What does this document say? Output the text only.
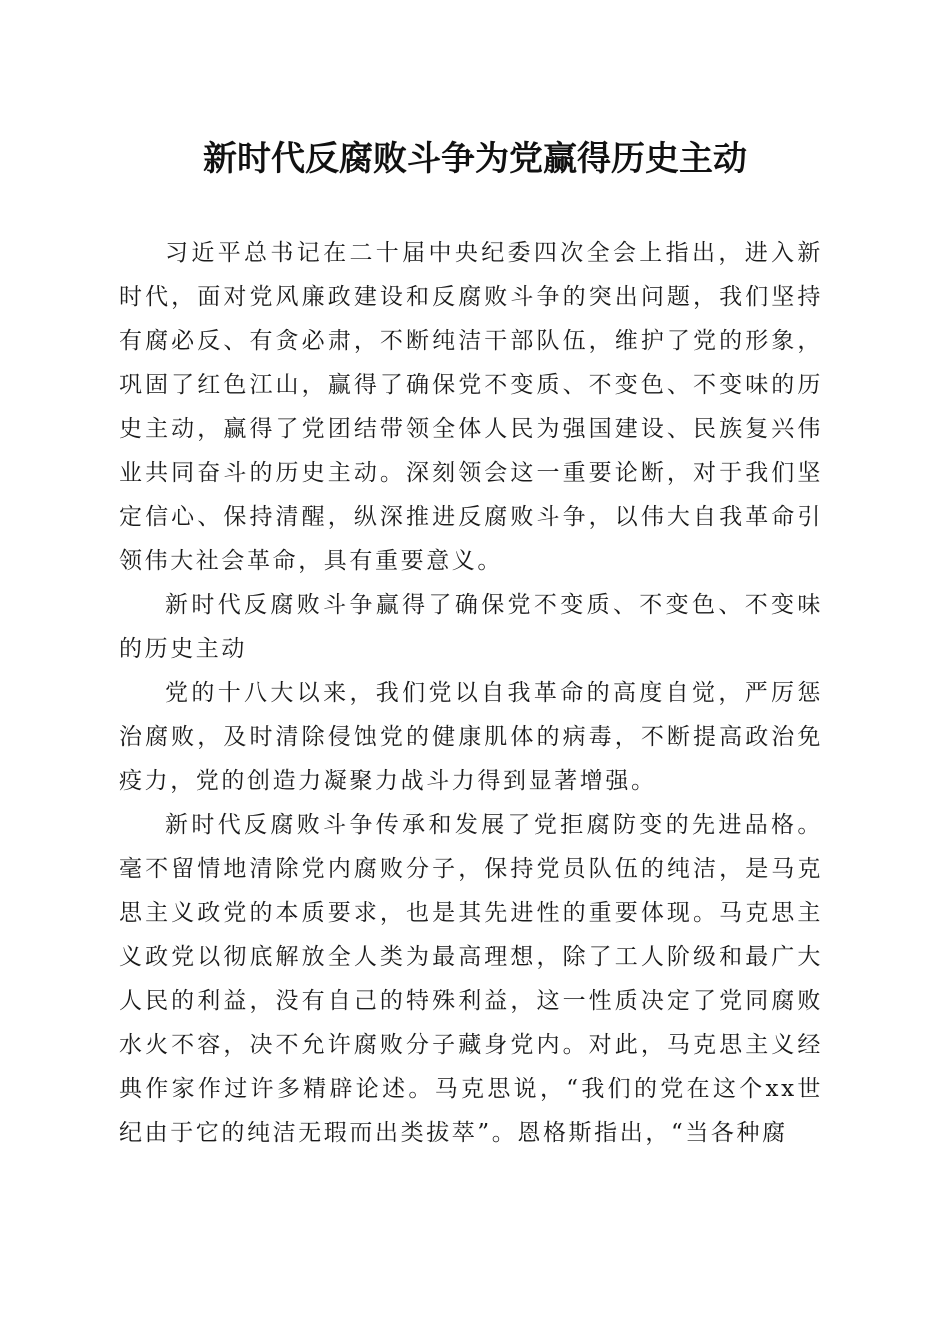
新时代反腐败斗争为党赢得历史主动

习近平总书记在二十届中央纪委四次全会上指出，进入新时代，面对党风廉政建设和反腐败斗争的突出问题，我们坚持有腐必反、有贪必肃，不断纯洁干部队伍，维护了党的形象，巩固了红色江山，赢得了确保党不变质、不变色、不变味的历史主动，赢得了党团结带领全体人民为强国建设、民族复兴伟业共同奋斗的历史主动。深刻领会这一重要论断，对于我们坚定信心、保持清醒，纵深推进反腐败斗争，以伟大自我革命引领伟大社会革命，具有重要意义。

新时代反腐败斗争赢得了确保党不变质、不变色、不变味的历史主动

党的十八大以来，我们党以自我革命的高度自觉，严厉惩治腐败，及时清除侵蚀党的健康肌体的病毒，不断提高政治免疫力，党的创造力凝聚力战斗力得到显著增强。

新时代反腐败斗争传承和发展了党拒腐防变的先进品格。毫不留情地清除党内腐败分子，保持党员队伍的纯洁，是马克思主义政党的本质要求，也是其先进性的重要体现。马克思主义政党以彻底解放全人类为最高理想，除了工人阶级和最广大人民的利益，没有自己的特殊利益，这一性质决定了党同腐败水火不容，决不允许腐败分子藏身党内。对此，马克思主义经典作家作过许多精辟论述。马克思说，“我们的党在这个xx世纪由于它的纯洁无瑕而出类拔萃”。恩格斯指出，“当各种腐
